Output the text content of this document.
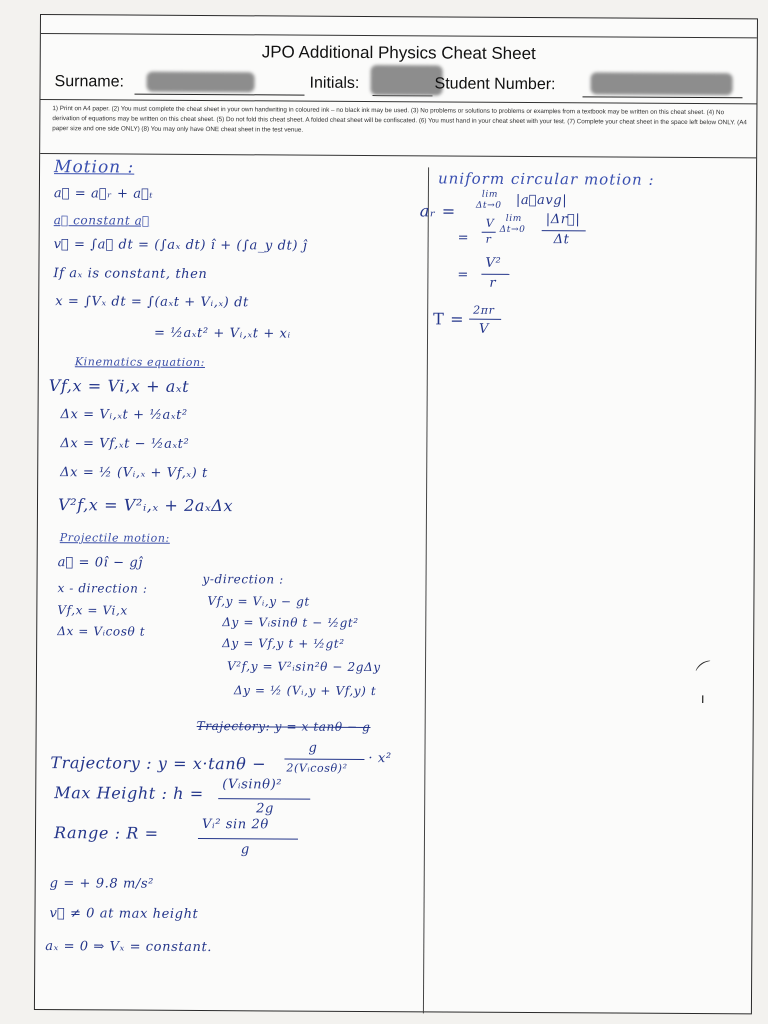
JPO Additional Physics Cheat Sheet
Surname:	Initials:	Student Number:
1) Print on A4 paper. (2) You must complete the cheat sheet in your own handwriting in coloured ink – no black ink may be used. (3) No problems or solutions to problems or examples from a textbook may be written on this cheat sheet. (4) No derivation of equations may be written on this cheat sheet. (5) Do not fold this cheat sheet. A folded cheat sheet will be confiscated. (6) You must hand in your cheat sheet with your test. (7) Complete your cheat sheet in the space left below ONLY. (A4 paper size and one side ONLY) (8) You may only have ONE cheat sheet in the test venue.
Motion :
a⃗ = a⃗ᵣ + a⃗ₜ
a⃗ constant a⃗
v⃗ = ∫a⃗ dt = (∫aₓ dt) î + (∫a_y dt) ĵ
If aₓ is constant, then
x = ∫Vₓ dt = ∫(aₓt + Vᵢ,ₓ) dt
= ½aₓt² + Vᵢ,ₓt + xᵢ
Kinematics equation:
Vf,x = Vi,x + aₓt
Δx = Vᵢ,ₓt + ½aₓt²
Δx = Vf,ₓt − ½aₓt²
Δx = ½ (Vᵢ,ₓ + Vf,ₓ) t
V²f,x = V²ᵢ,ₓ + 2aₓΔx
Projectile motion:
a⃗ = 0î − gĵ
x - direction :
Vf,x = Vi,x
Δx = Vᵢcosθ t
y-direction :
Vf,y = Vᵢ,y − gt
Δy = Vᵢsinθ t − ½gt²
Δy = Vf,y t + ½gt²
V²f,y = V²ᵢsin²θ − 2gΔy
Δy = ½ (Vᵢ,y + Vf,y) t
Trajectory: y = x tanθ − g
Trajectory : y = x·tanθ −
g
2(Vᵢcosθ)²
· x²
Max Height : h = (Vᵢsinθ)²
2g
Range : R =	Vᵢ² sin 2θ
g
g = + 9.8 m/s²
v⃗ ≠ 0 at max height
aₓ = 0 ⇒ Vₓ = constant.
uniform circular motion :
aᵣ =
lim
Δt→0 |a⃗avg|
=
V
r
lim
Δt→0
|Δr⃗|
Δt
=
V²
r
T = 2πr
V
⌒
ı
